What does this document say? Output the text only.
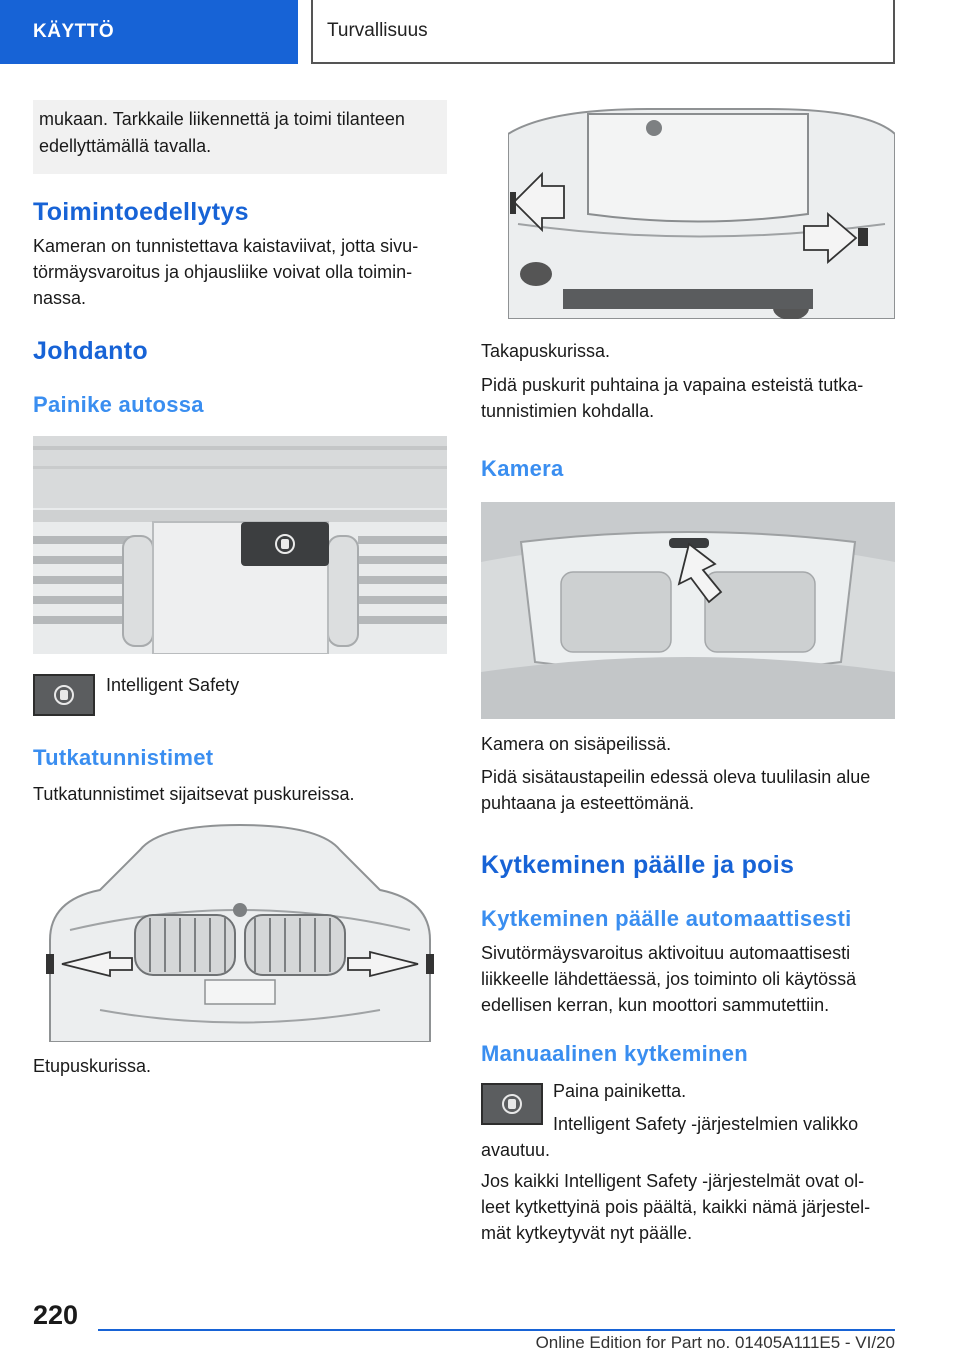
KÄYTTÖ	Turvallisuus
mukaan. Tarkkaile liikennettä ja toimi tilanteen edellyttämällä tavalla.
Toimintoedellytys
Kameran on tunnistettava kaistaviivat, jotta sivu-
törmäysvaroitus ja ohjausliike voivat olla toimin-
nassa.
Johdanto
Painike autossa
Intelligent Safety
Tutkatunnistimet
Tutkatunnistimet sijaitsevat puskureissa.
Etupuskurissa.
Takapuskurissa.
Pidä puskurit puhtaina ja vapaina esteistä tutka-
tunnistimien kohdalla.
Kamera
Kamera on sisäpeilissä.
Pidä sisätaustapeilin edessä oleva tuulilasin alue
puhtaana ja esteettömänä.
Kytkeminen päälle ja pois
Kytkeminen päälle automaattisesti
Sivutörmäysvaroitus aktivoituu automaattisesti
liikkeelle lähdettäessä, jos toiminto oli käytössä
edellisen kerran, kun moottori sammutettiin.
Manuaalinen kytkeminen
Paina painiketta.
Intelligent Safety -järjestelmien valikko
avautuu.
Jos kaikki Intelligent Safety -järjestelmät ovat ol-
leet kytkettyinä pois päältä, kaikki nämä järjestel-
mät kytkeytyvät nyt päälle.
220
Online Edition for Part no. 01405A111E5 - VI/20
